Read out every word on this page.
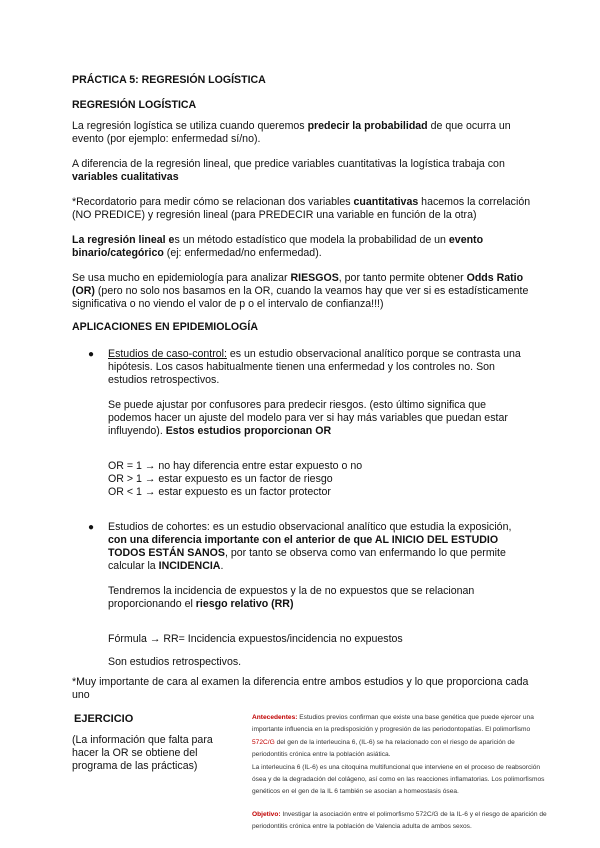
PRÁCTICA 5: REGRESIÓN LOGÍSTICA

REGRESIÓN LOGÍSTICA

La regresión logística se utiliza cuando queremos predecir la probabilidad de que ocurra un evento (por ejemplo: enfermedad sí/no).

A diferencia de la regresión lineal, que predice variables cuantitativas la logística trabaja con variables cualitativas

*Recordatorio para medir cómo se relacionan dos variables cuantitativas hacemos la correlación (NO PREDICE) y regresión lineal (para PREDECIR una variable en función de la otra)

La regresión lineal es un método estadístico que modela la probabilidad de un evento binario/categórico (ej: enfermedad/no enfermedad).

Se usa mucho en epidemiología para analizar RIESGOS, por tanto permite obtener Odds Ratio (OR) (pero no solo nos basamos en la OR, cuando la veamos hay que ver si es estadísticamente significativa o no viendo el valor de p o el intervalo de confianza!!!)

APLICACIONES EN EPIDEMIOLOGÍA

● Estudios de caso-control: es un estudio observacional analítico porque se contrasta una hipótesis. Los casos habitualmente tienen una enfermedad y los controles no. Son estudios retrospectivos.

Se puede ajustar por confusores para predecir riesgos. (esto último significa que podemos hacer un ajuste del modelo para ver si hay más variables que puedan estar influyendo). Estos estudios proporcionan OR

OR = 1 → no hay diferencia entre estar expuesto o no

OR > 1 → estar expuesto es un factor de riesgo

OR < 1 → estar expuesto es un factor protector

● Estudios de cohortes: es un estudio observacional analítico que estudia la exposición, con una diferencia importante con el anterior de que AL INICIO DEL ESTUDIO TODOS ESTÁN SANOS, por tanto se observa como van enfermando lo que permite calcular la INCIDENCIA.

Tendremos la incidencia de expuestos y la de no expuestos que se relacionan proporcionando el riesgo relativo (RR)

Fórmula → RR= Incidencia expuestos/incidencia no expuestos

Son estudios retrospectivos.

*Muy importante de cara al examen la diferencia entre ambos estudios y lo que proporciona cada uno

EJERCICIO

(La información que falta para hacer la OR se obtiene del programa de las prácticas)

Antecedentes: Estudios previos confirman que existe una base genética que puede ejercer una importante influencia en la predisposición y progresión de las periodontopatías. El polimorfismo 572C/G del gen de la interleucina 6, (IL-6) se ha relacionado con el riesgo de aparición de periodontitis crónica entre la población asiática.

La interleucina 6 (IL-6) es una citoquina multifuncional que interviene en el proceso de reabsorción ósea y de la degradación del colágeno, así como en las reacciones inflamatorias. Los polimorfismos genéticos en el gen de la IL 6 también se asocian a homeostasis ósea.

Objetivo: Investigar la asociación entre el polimorfismo 572C/G de la IL-6 y el riesgo de aparición de periodontitis crónica entre la población de Valencia adulta de ambos sexos.
